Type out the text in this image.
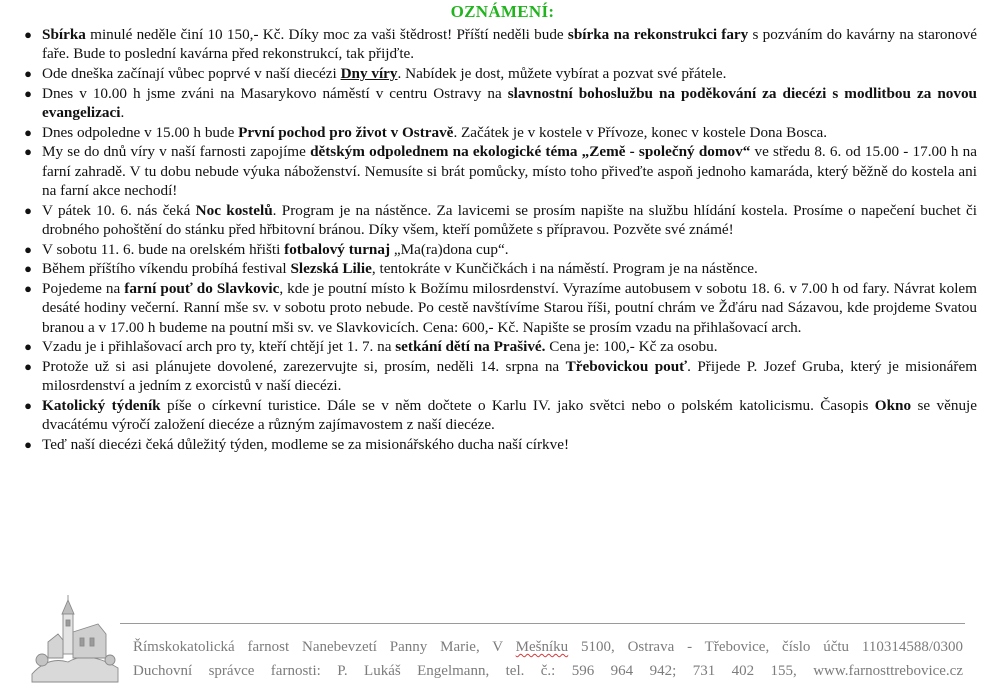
OZNÁMENÍ:
● Sbírka minulé neděle činí 10 150,- Kč. Díky moc za vaši štědrost! Příští neděli bude sbírka na rekonstrukci fary s pozváním do kavárny na staronové faře. Bude to poslední kavárna před rekonstrukcí, tak přijďte.
● Ode dneška začínají vůbec poprvé v naší diecézi Dny víry. Nabídek je dost, můžete vybírat a pozvat své přátele.
● Dnes v 10.00 h jsme zváni na Masarykovo náměstí v centru Ostravy na slavnostní bohoslužbu na poděkování za diecézi s modlitbou za novou evangelizaci.
● Dnes odpoledne v 15.00 h bude První pochod pro život v Ostravě. Začátek je v kostele v Přívoze, konec v kostele Dona Bosca.
● My se do dnů víry v naší farnosti zapojíme dětským odpolednem na ekologické téma „Země - společný domov“ ve středu 8. 6. od 15.00 - 17.00 h na farní zahradě. V tu dobu nebude výuka náboženství. Nemusíte si brát pomůcky, místo toho přiveďte aspoň jednoho kamaráda, který běžně do kostela ani na farní akce nechodí!
● V pátek 10. 6. nás čeká Noc kostelů. Program je na nástěnce. Za lavicemi se prosím napište na službu hlídání kostela. Prosíme o napečení buchet či drobného pohoštění do stánku před hřbitovní bránou. Díky všem, kteří pomůžete s přípravou. Pozvěte své známé!
● V sobotu 11. 6. bude na orelském hřišti fotbalový turnaj „Ma(ra)dona cup“.
● Během příštího víkendu probíhá festival Slezská Lilie, tentokráte v Kunčičkách i na náměstí. Program je na nástěnce.
● Pojedeme na farní pouť do Slavkovic, kde je poutní místo k Božímu milosrdenství. Vyrazíme autobusem v sobotu 18. 6. v 7.00 h od fary. Návrat kolem desáté hodiny večerní. Ranní mše sv. v sobotu proto nebude. Po cestě navštívíme Starou říši, poutní chrám ve Žďáru nad Sázavou, kde projdeme Svatou branou a v 17.00 h budeme na poutní mši sv. ve Slavkovicích. Cena: 600,- Kč. Napište se prosím vzadu na přihlašovací arch.
● Vzadu je i přihlašovací arch pro ty, kteří chtějí jet 1. 7. na setkání dětí na Prašivé. Cena je: 100,- Kč za osobu.
● Protože už si asi plánujete dovolené, zarezervujte si, prosím, neděli 14. srpna na Třebovickou pouť. Přijede P. Jozef Gruba, který je misionářem milosrdenství a jedním z exorcistů v naší diecézi.
● Katolický týdeník píše o církevní turistice. Dále se v něm dočtete o Karlu IV. jako světci nebo o polském katolicismu. Časopis Okno se věnuje dvacátému výročí založení diecéze a různým zajímavostem z naší diecéze.
● Teď naší diecézi čeká důležitý týden, modleme se za misionářského ducha naší církve!
Římskokatolická farnost Nanebevzetí Panny Marie, V Mešníku 5100, Ostrava - Třebovice, číslo účtu 110314588/0300
Duchovní správce farnosti: P. Lukáš Engelmann, tel. č.: 596 964 942; 731 402 155, www.farnosttrebovice.cz
